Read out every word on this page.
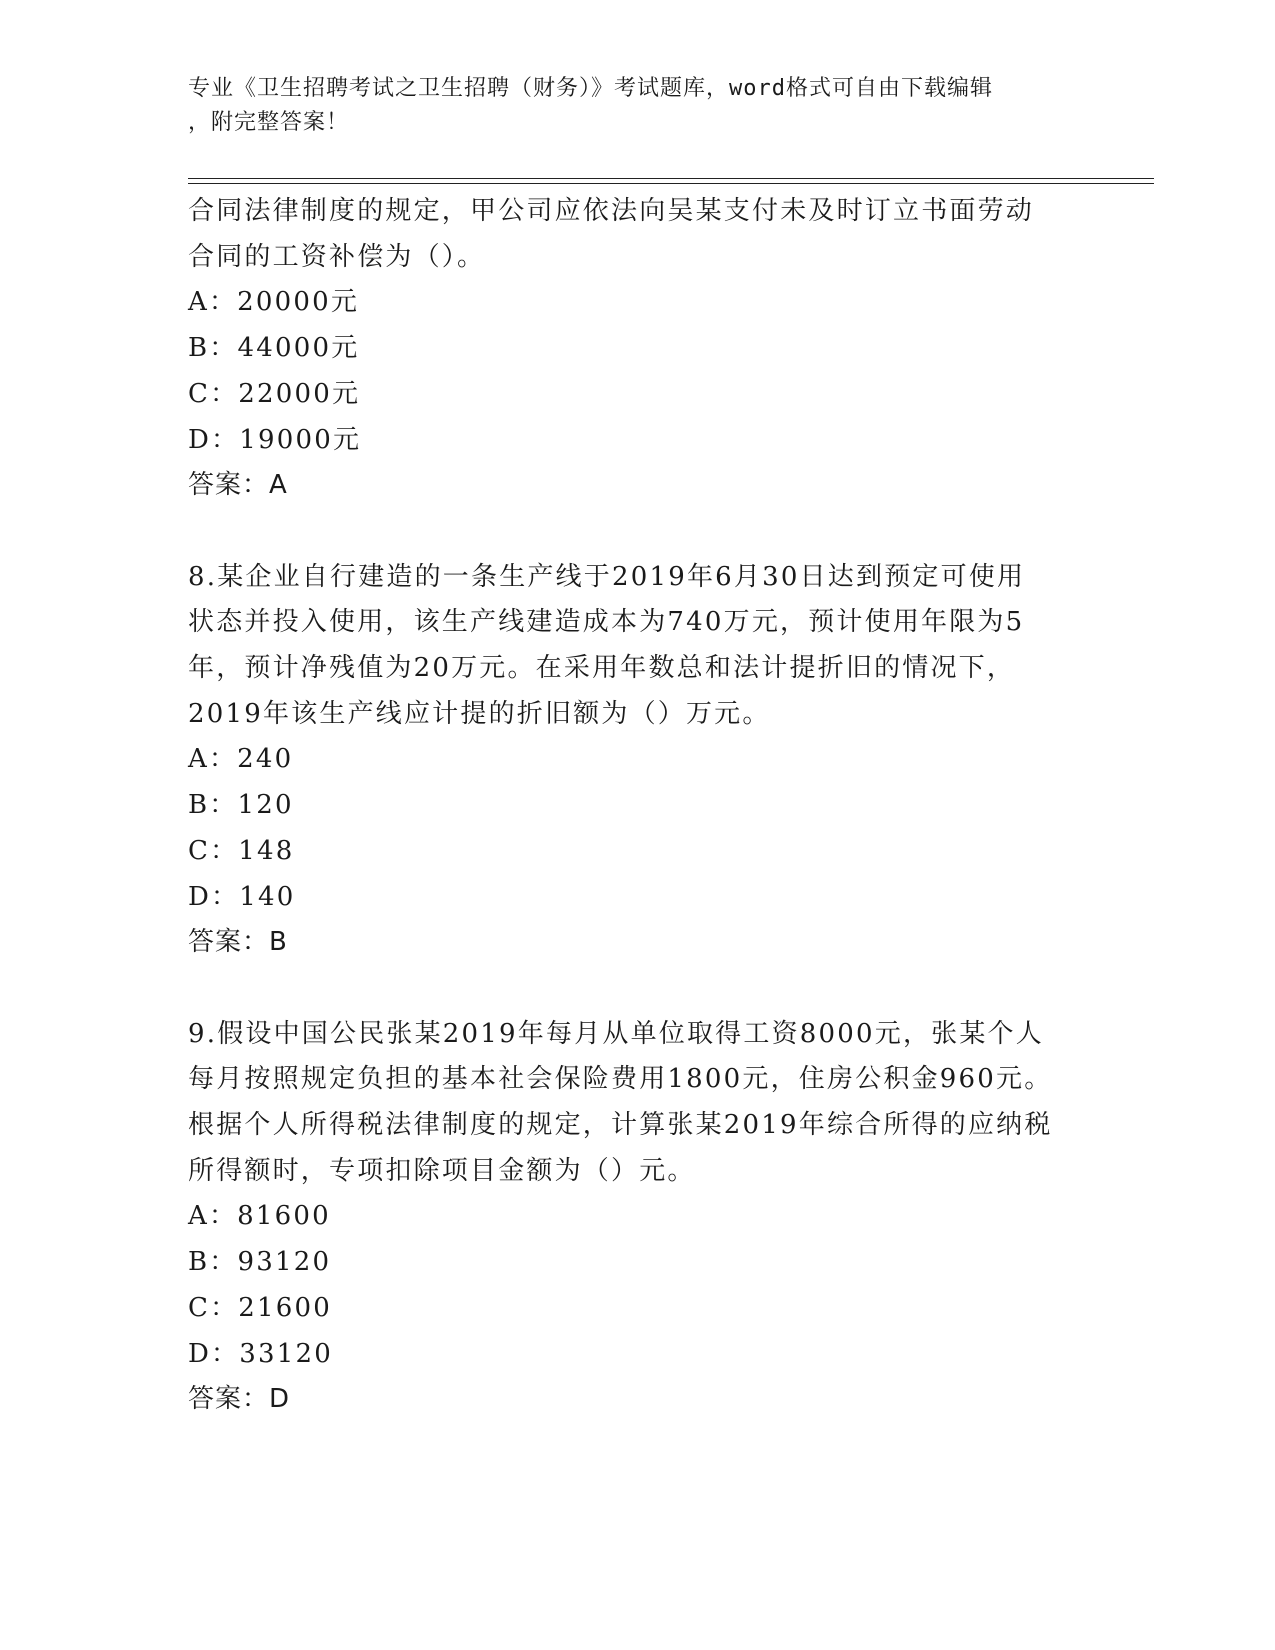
专业《卫生招聘考试之卫生招聘（财务）》考试题库，word格式可自由下载编辑
，附完整答案！
合同法律制度的规定，甲公司应依法向吴某支付未及时订立书面劳动
合同的工资补偿为（）。
A：20000元
B：44000元
C：22000元
D：19000元
答案：A
8.某企业自行建造的一条生产线于2019年6月30日达到预定可使用
状态并投入使用，该生产线建造成本为740万元，预计使用年限为5
年，预计净残值为20万元。在采用年数总和法计提折旧的情况下，
2019年该生产线应计提的折旧额为（）万元。
A：240
B：120
C：148
D：140
答案：B
9.假设中国公民张某2019年每月从单位取得工资8000元，张某个人
每月按照规定负担的基本社会保险费用1800元，住房公积金960元。
根据个人所得税法律制度的规定，计算张某2019年综合所得的应纳税
所得额时，专项扣除项目金额为（）元。
A：81600
B：93120
C：21600
D：33120
答案：D
